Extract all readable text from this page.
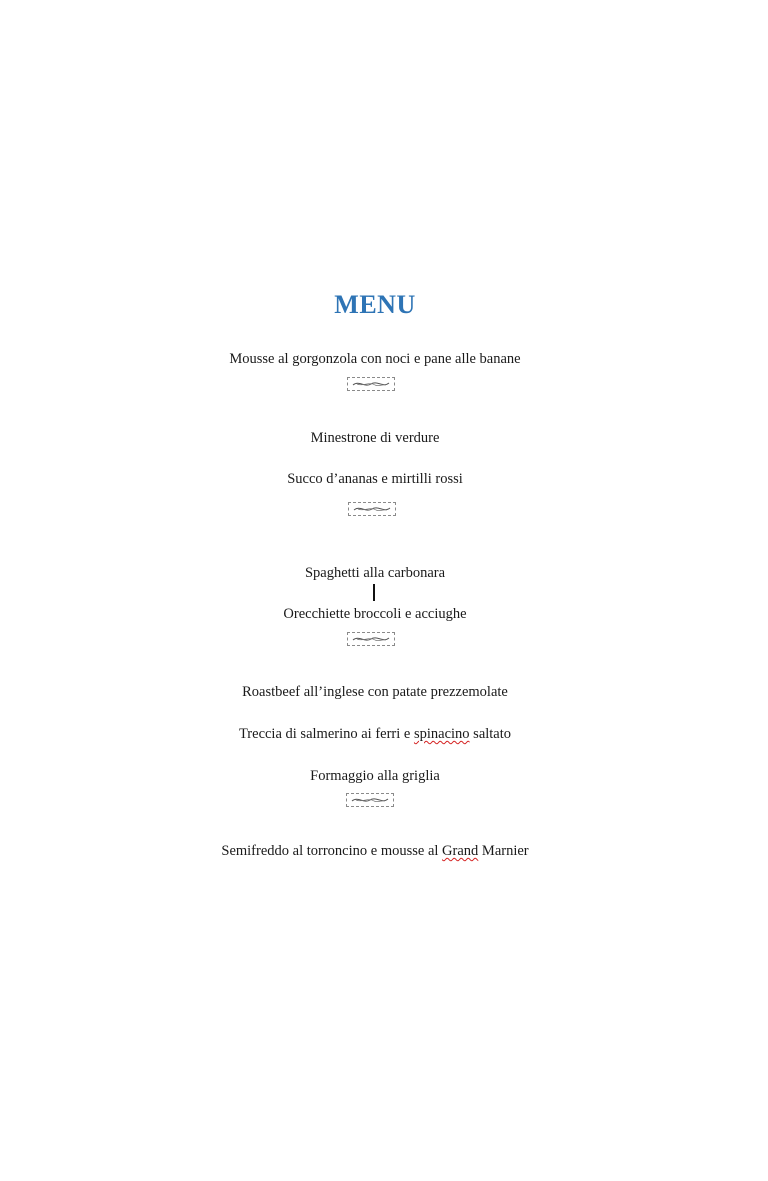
MENU
Mousse al gorgonzola con noci e pane alle banane
Minestrone di verdure
Succo d’ananas e mirtilli rossi
Spaghetti alla carbonara
Orecchiette broccoli e acciughe
Roastbeef all’inglese con patate prezzemolate
Treccia di salmerino ai ferri e spinacino saltato
Formaggio alla griglia
Semifreddo al torroncino e mousse al Grand Marnier
